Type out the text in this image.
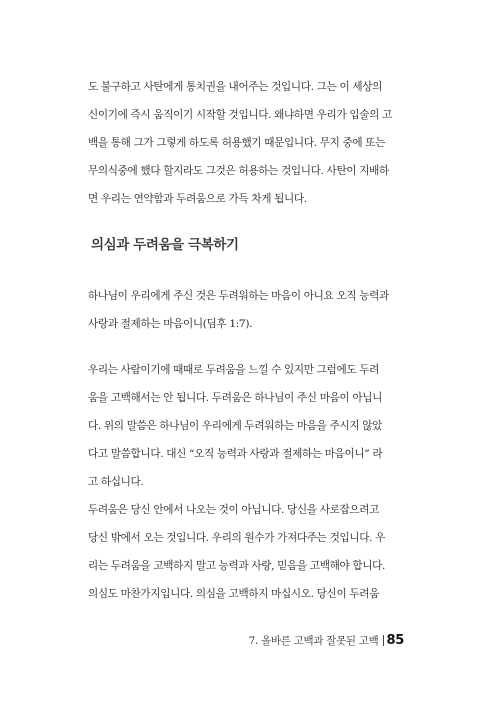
도 불구하고 사탄에게 통치권을 내어주는 것입니다. 그는 이 세상의
신이기에 즉시 움직이기 시작할 것입니다. 왜냐하면 우리가 입술의 고
백을 통해 그가 그렇게 하도록 허용했기 때문입니다. 무지 중에 또는
무의식중에 했다 할지라도 그것은 허용하는 것입니다. 사탄이 지배하
면 우리는 연약함과 두려움으로 가득 차게 됩니다.
의심과 두려움을 극복하기
하나님이 우리에게 주신 것은 두려워하는 마음이 아니요 오직 능력과
사랑과 절제하는 마음이니(딤후 1:7).
우리는 사람이기에 때때로 두려움을 느낄 수 있지만 그럼에도 두려
움을 고백해서는 안 됩니다. 두려움은 하나님이 주신 마음이 아닙니
다. 위의 말씀은 하나님이 우리에게 두려워하는 마음을 주시지 않았
다고 말씀합니다. 대신 “오직 능력과 사랑과 절제하는 마음이니” 라
고 하십니다.
두려움은 당신 안에서 나오는 것이 아닙니다. 당신을 사로잡으려고
당신 밖에서 오는 것입니다. 우리의 원수가 가져다주는 것입니다. 우
리는 두려움을 고백하지 말고 능력과 사랑, 믿음을 고백해야 합니다.
의심도 마찬가지입니다. 의심을 고백하지 마십시오. 당신이 두려움
7. 올바른 고백과 잘못된 고백 85
